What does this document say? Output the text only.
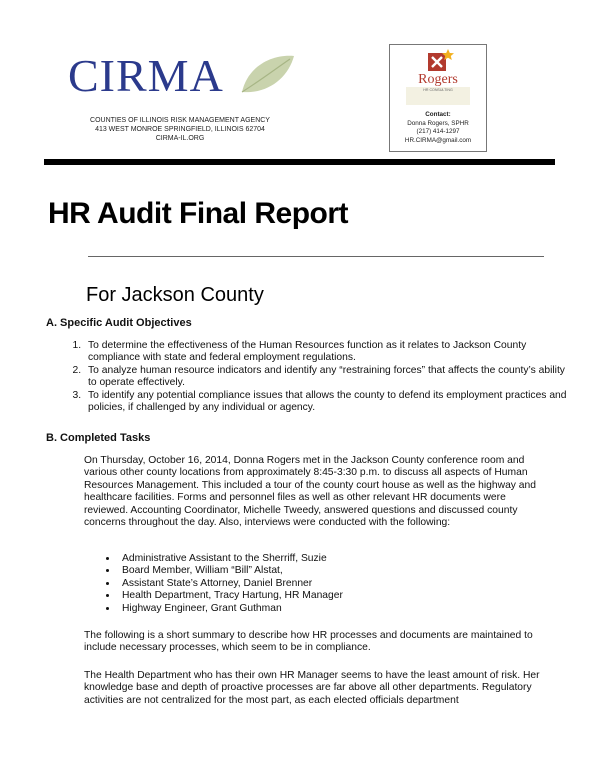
CIRMA
COUNTIES OF ILLINOIS RISK MANAGEMENT AGENCY
413 WEST MONROE SPRINGFIELD, ILLINOIS 62704
CIRMA-IL.ORG
Rogers
HR CONSULTING
Contact:
Donna Rogers, SPHR
(217) 414-1297
HR.CIRMA@gmail.com
HR Audit Final Report
For Jackson County
A. Specific Audit Objectives
1. To determine the effectiveness of the Human Resources function as it relates to Jackson County compliance with state and federal employment regulations.
2. To analyze human resource indicators and identify any “restraining forces” that affects the county’s ability to operate effectively.
3. To identify any potential compliance issues that allows the county to defend its employment practices and policies, if challenged by any individual or agency.
B. Completed Tasks
On Thursday, October 16, 2014, Donna Rogers met in the Jackson County conference room and various other county locations from approximately 8:45-3:30 p.m. to discuss all aspects of Human Resources Management. This included a tour of the county court house as well as the highway and healthcare facilities. Forms and personnel files as well as other relevant HR documents were reviewed. Accounting Coordinator, Michelle Tweedy, answered questions and discussed county concerns throughout the day. Also, interviews were conducted with the following:
• Administrative Assistant to the Sherriff, Suzie
• Board Member, William “Bill” Alstat,
• Assistant State’s Attorney, Daniel Brenner
• Health Department, Tracy Hartung, HR Manager
• Highway Engineer, Grant Guthman
The following is a short summary to describe how HR processes and documents are maintained to include necessary processes, which seem to be in compliance.
The Health Department who has their own HR Manager seems to have the least amount of risk. Her knowledge base and depth of proactive processes are far above all other departments. Regulatory activities are not centralized for the most part, as each elected officials department
